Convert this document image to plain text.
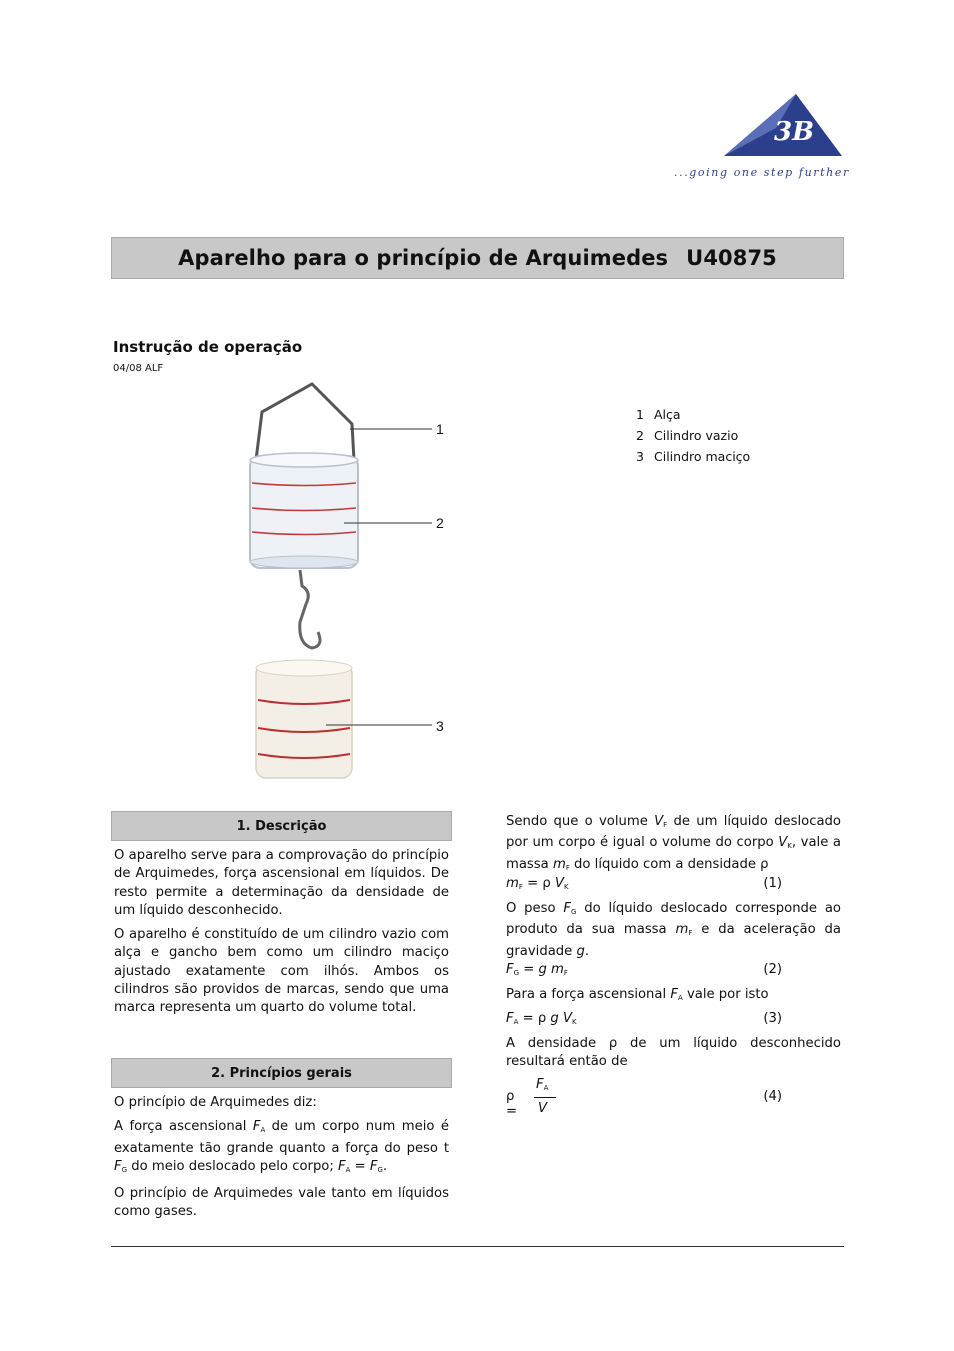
3B
...going one step further
Aparelho para o princípio de Arquimedes U40875
Instrução de operação
04/08 ALF
1
2
3
1 Alça
2 Cilindro vazio
3 Cilindro maciço
1. Descrição

O aparelho serve para a comprovação do princípio de Arquimedes, força ascensional em líquidos. De resto permite a determinação da densidade de um líquido desconhecido.

O aparelho é constituído de um cilindro vazio com alça e gancho bem como um cilindro maciço ajustado exatamente com ilhós. Ambos os cilindros são providos de marcas, sendo que uma marca representa um quarto do volume total.

2. Princípios gerais

O princípio de Arquimedes diz:

A força ascensional $F_A$ de um corpo num meio é exatamente tão grande quanto a força do peso t $F_G$ do meio deslocado pelo corpo; $F_A = F_G$.

O princípio de Arquimedes vale tanto em líquidos como gases.

Sendo que o volume $V_F$ de um líquido deslocado por um corpo é igual o volume do corpo $V_K$, vale a massa $m_F$ do líquido com a densidade ρ

$m_F = \rho$ $V_K$	(1)

O peso $F_G$ do líquido deslocado corresponde ao produto da sua massa $m_F$ e da aceleração da gravidade g.

$F_G = g$ $m_F$	(2)

Para a força ascensional $F_A$ vale por isto

$F_A = \rho$ g $V_K$	(3)

A densidade ρ de um líquido desconhecido resultará então de

ρ =
$F_A$
V
(4)
